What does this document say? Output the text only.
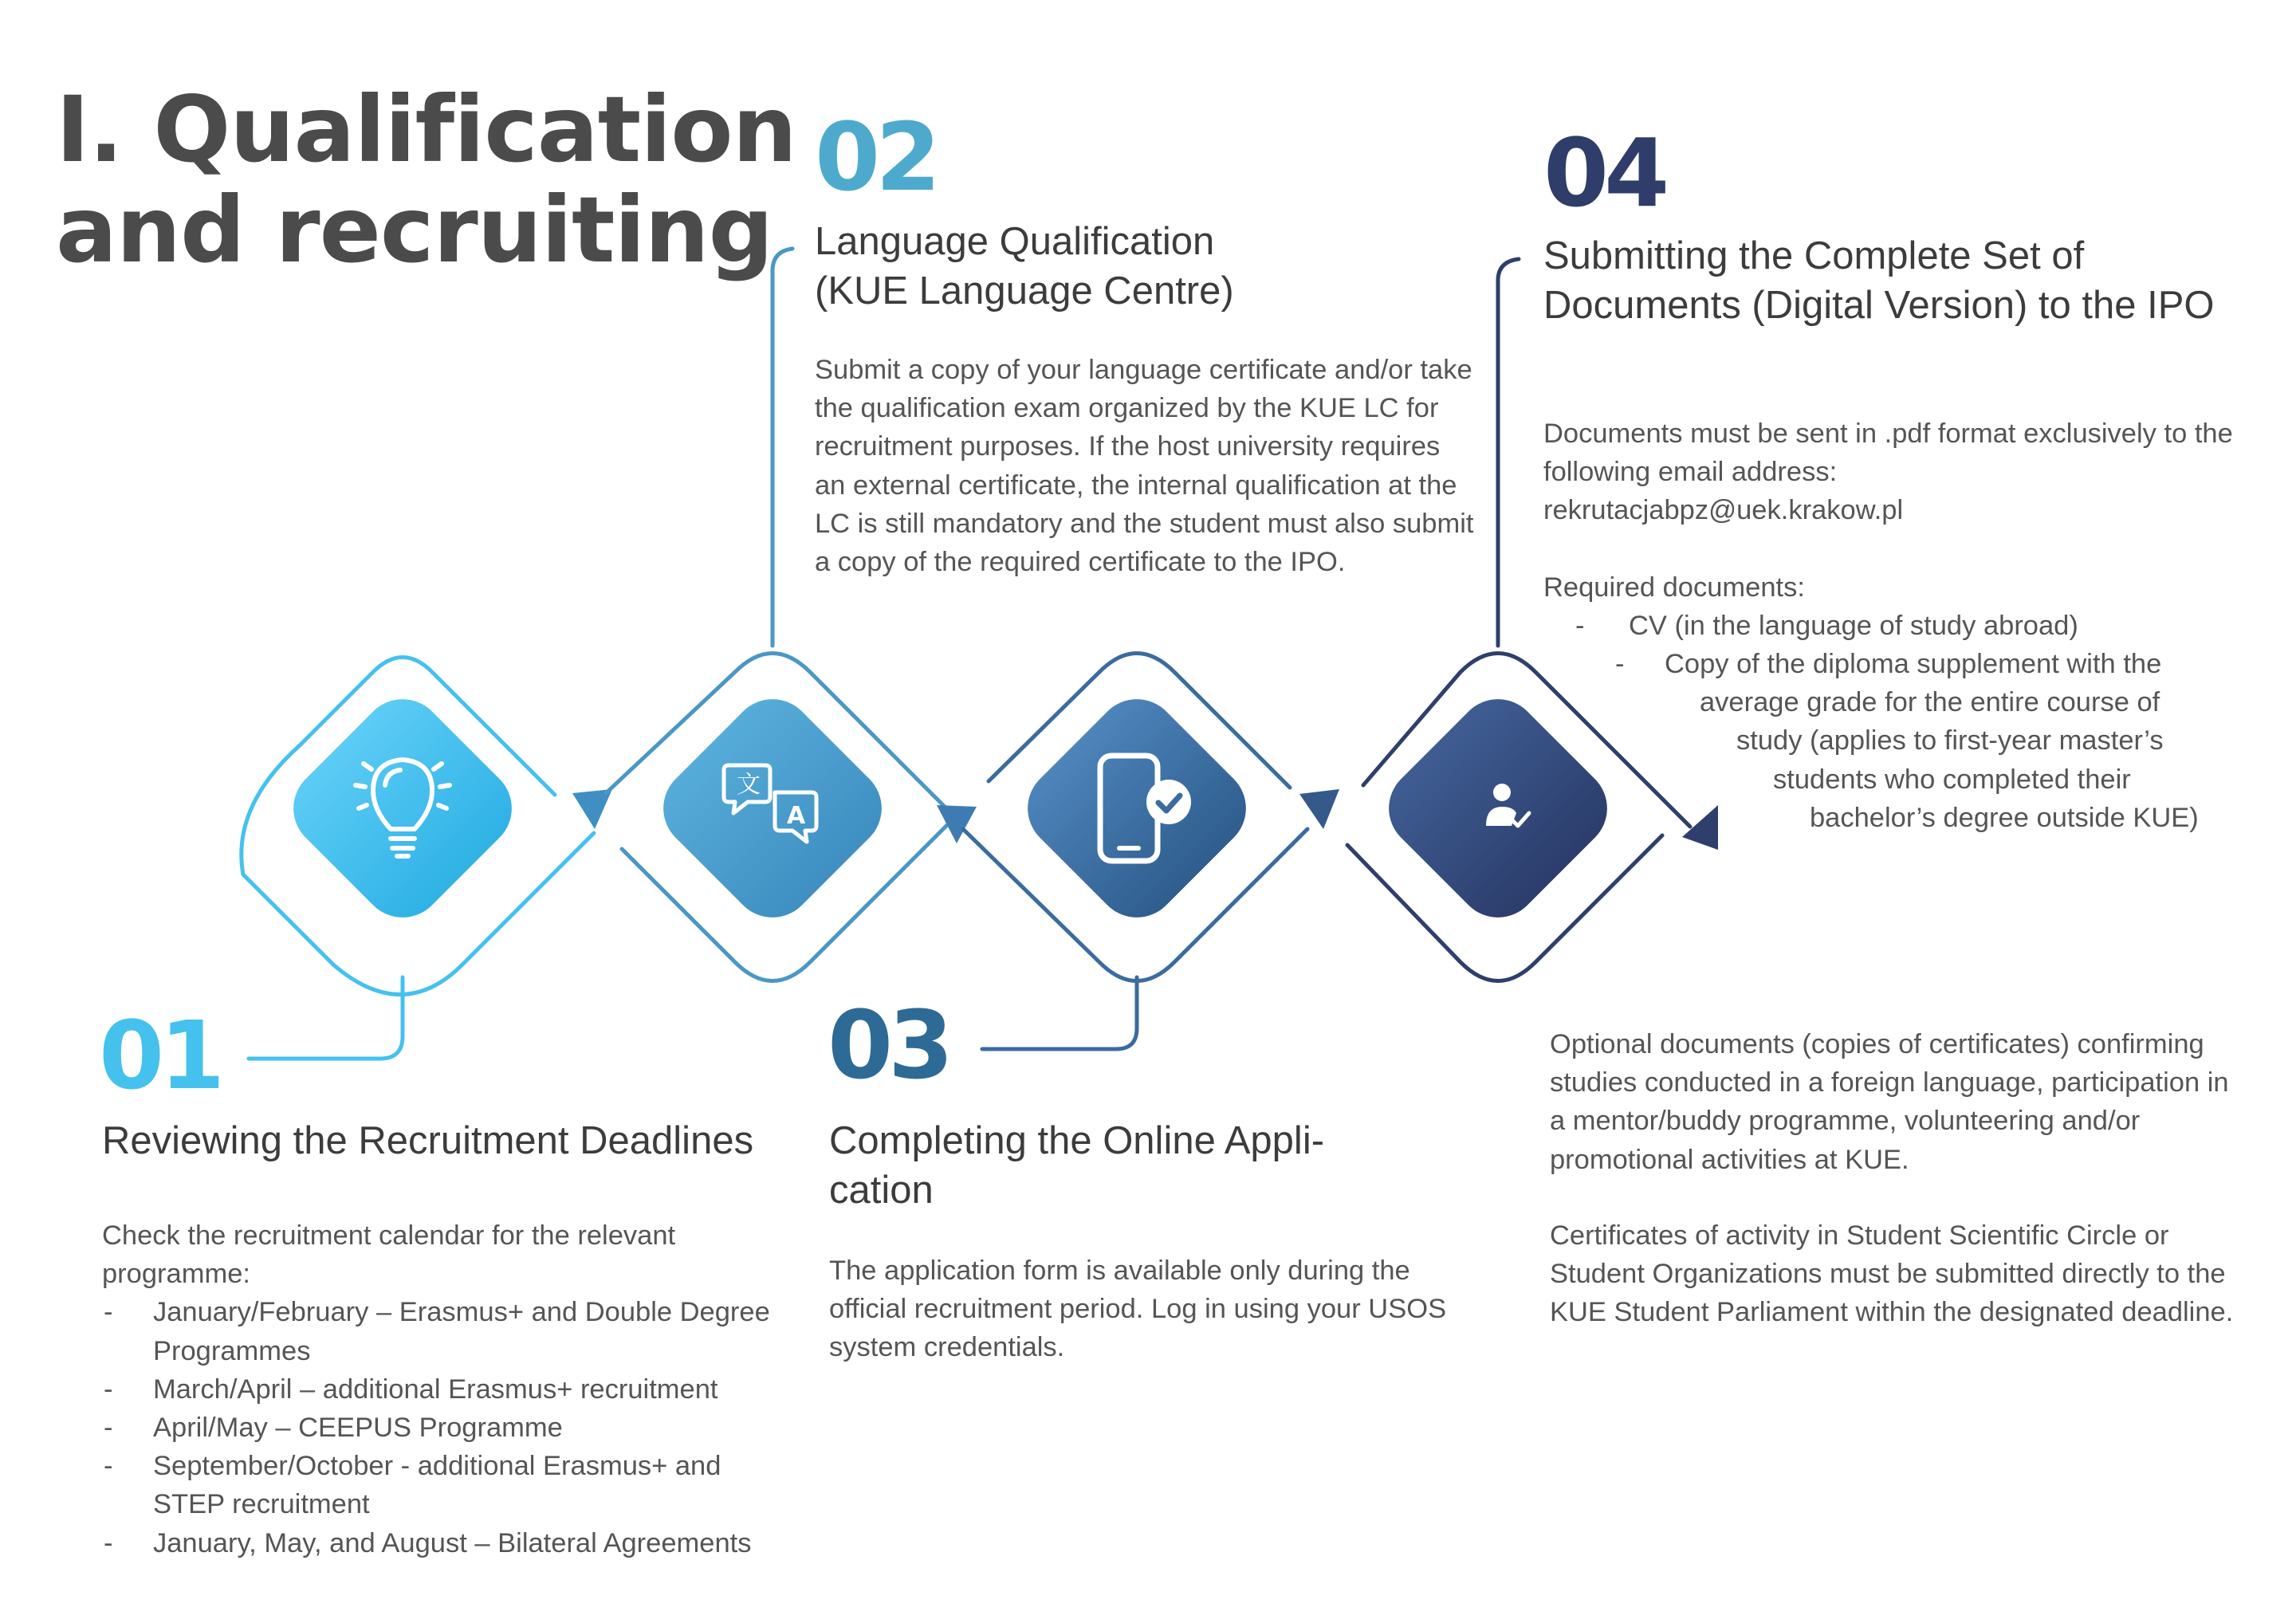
I. Qualification
and recruiting
文
A
01
02
03
04
Reviewing the Recruitment Deadlines
Check the recruitment calendar for the relevant programme:
- January/February – Erasmus+ and Double Degree Programmes
- March/April – additional Erasmus+ recruitment
- April/May – CEEPUS Programme
- September/October - additional Erasmus+ and STEP recruitment
- January, May, and August – Bilateral Agreements
Language Qualification
(KUE Language Centre)

Submit a copy of your language certificate and/or take the qualification exam organized by the KUE LC for recruitment purposes. If the host university requires an external certificate, the internal qualification at the LC is still mandatory and the student must also submit a copy of the required certificate to the IPO.

Completing the Online Appli-
cation

The application form is available only during the official recruitment period. Log in using your USOS system credentials.

Submitting the Complete Set of Documents (Digital Version) to the IPO
Documents must be sent in .pdf format exclusively to the following email address:
rekrutacjabpz@uek.krakow.pl
Required documents:
- CV (in the language of study abroad)
- Copy of the diploma supplement with the
average grade for the entire course of
study (applies to first-year master’s
students who completed their
bachelor’s degree outside KUE)

Optional documents (copies of certificates) confirming studies conducted in a foreign language, participation in a mentor/buddy programme, volunteering and/or promotional activities at KUE.

Certificates of activity in Student Scientific Circle or Student Organizations must be submitted directly to the KUE Student Parliament within the designated deadline.
